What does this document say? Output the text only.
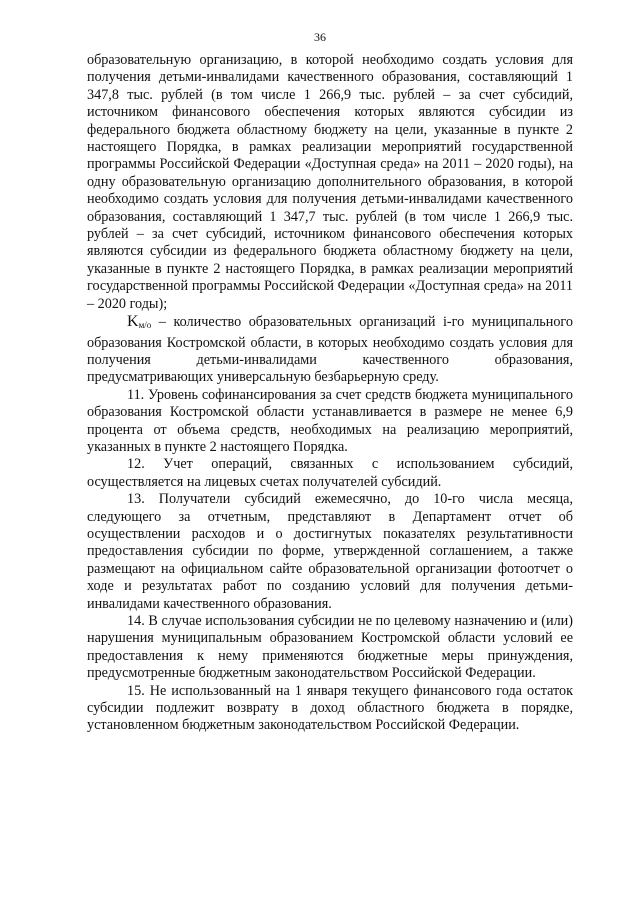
36

образовательную организацию, в которой необходимо создать условия для получения детьми-инвалидами качественного образования, составляющий 1 347,8 тыс. рублей (в том числе 1 266,9 тыс. рублей – за счет субсидий, источником финансового обеспечения которых являются субсидии из федерального бюджета областному бюджету на цели, указанные в пункте 2 настоящего Порядка, в рамках реализации мероприятий государственной программы Российской Федерации «Доступная среда» на 2011 – 2020 годы), на одну образовательную организацию дополнительного образования, в которой необходимо создать условия для получения детьми-инвалидами качественного образования, составляющий 1 347,7 тыс. рублей (в том числе 1 266,9 тыс. рублей – за счет субсидий, источником финансового обеспечения которых являются субсидии из федерального бюджета областному бюджету на цели, указанные в пункте 2 настоящего Порядка, в рамках реализации мероприятий государственной программы Российской Федерации «Доступная среда» на 2011 – 2020 годы);

$K_{м/о}$ – количество образовательных организаций i-го муниципального образования Костромской области, в которых необходимо создать условия для получения детьми-инвалидами качественного образования, предусматривающих универсальную безбарьерную среду.

11. Уровень софинансирования за счет средств бюджета муниципального образования Костромской области устанавливается в размере не менее 6,9 процента от объема средств, необходимых на реализацию мероприятий, указанных в пункте 2 настоящего Порядка.

12. Учет операций, связанных с использованием субсидий, осуществляется на лицевых счетах получателей субсидий.

13. Получатели субсидий ежемесячно, до 10-го числа месяца, следующего за отчетным, представляют в Департамент отчет об осуществлении расходов и о достигнутых показателях результативности предоставления субсидии по форме, утвержденной соглашением, а также размещают на официальном сайте образовательной организации фотоотчет о ходе и результатах работ по созданию условий для получения детьми-инвалидами качественного образования.

14. В случае использования субсидии не по целевому назначению и (или) нарушения муниципальным образованием Костромской области условий ее предоставления к нему применяются бюджетные меры принуждения, предусмотренные бюджетным законодательством Российской Федерации.

15. Не использованный на 1 января текущего финансового года остаток субсидии подлежит возврату в доход областного бюджета в порядке, установленном бюджетным законодательством Российской Федерации.
